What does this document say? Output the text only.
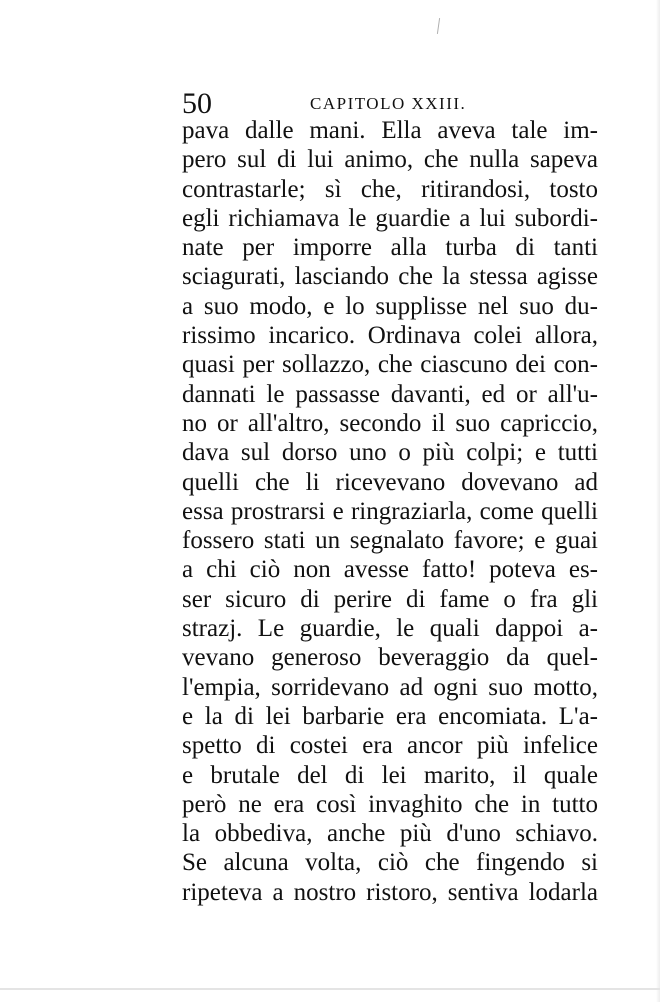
50	CAPITOLO XXIII.
pava dalle mani. Ella aveva tale im-
pero sul di lui animo, che nulla sapeva
contrastarle; sì che, ritirandosi, tosto
egli richiamava le guardie a lui subordi-
nate per imporre alla turba di tanti
sciagurati, lasciando che la stessa agisse
a suo modo, e lo supplisse nel suo du-
rissimo incarico. Ordinava colei allora,
quasi per sollazzo, che ciascuno dei con-
dannati le passasse davanti, ed or all'u-
no or all'altro, secondo il suo capriccio,
dava sul dorso uno o più colpi; e tutti
quelli che li ricevevano dovevano ad
essa prostrarsi e ringraziarla, come quelli
fossero stati un segnalato favore; e guai
a chi ciò non avesse fatto! poteva es-
ser sicuro di perire di fame o fra gli
strazj. Le guardie, le quali dappoi a-
vevano generoso beveraggio da quel-
l'empia, sorridevano ad ogni suo motto,
e la di lei barbarie era encomiata. L'a-
spetto di costei era ancor più infelice
e brutale del di lei marito, il quale
però ne era così invaghito che in tutto
la obbediva, anche più d'uno schiavo.
Se alcuna volta, ciò che fingendo si
ripeteva a nostro ristoro, sentiva lodarla
